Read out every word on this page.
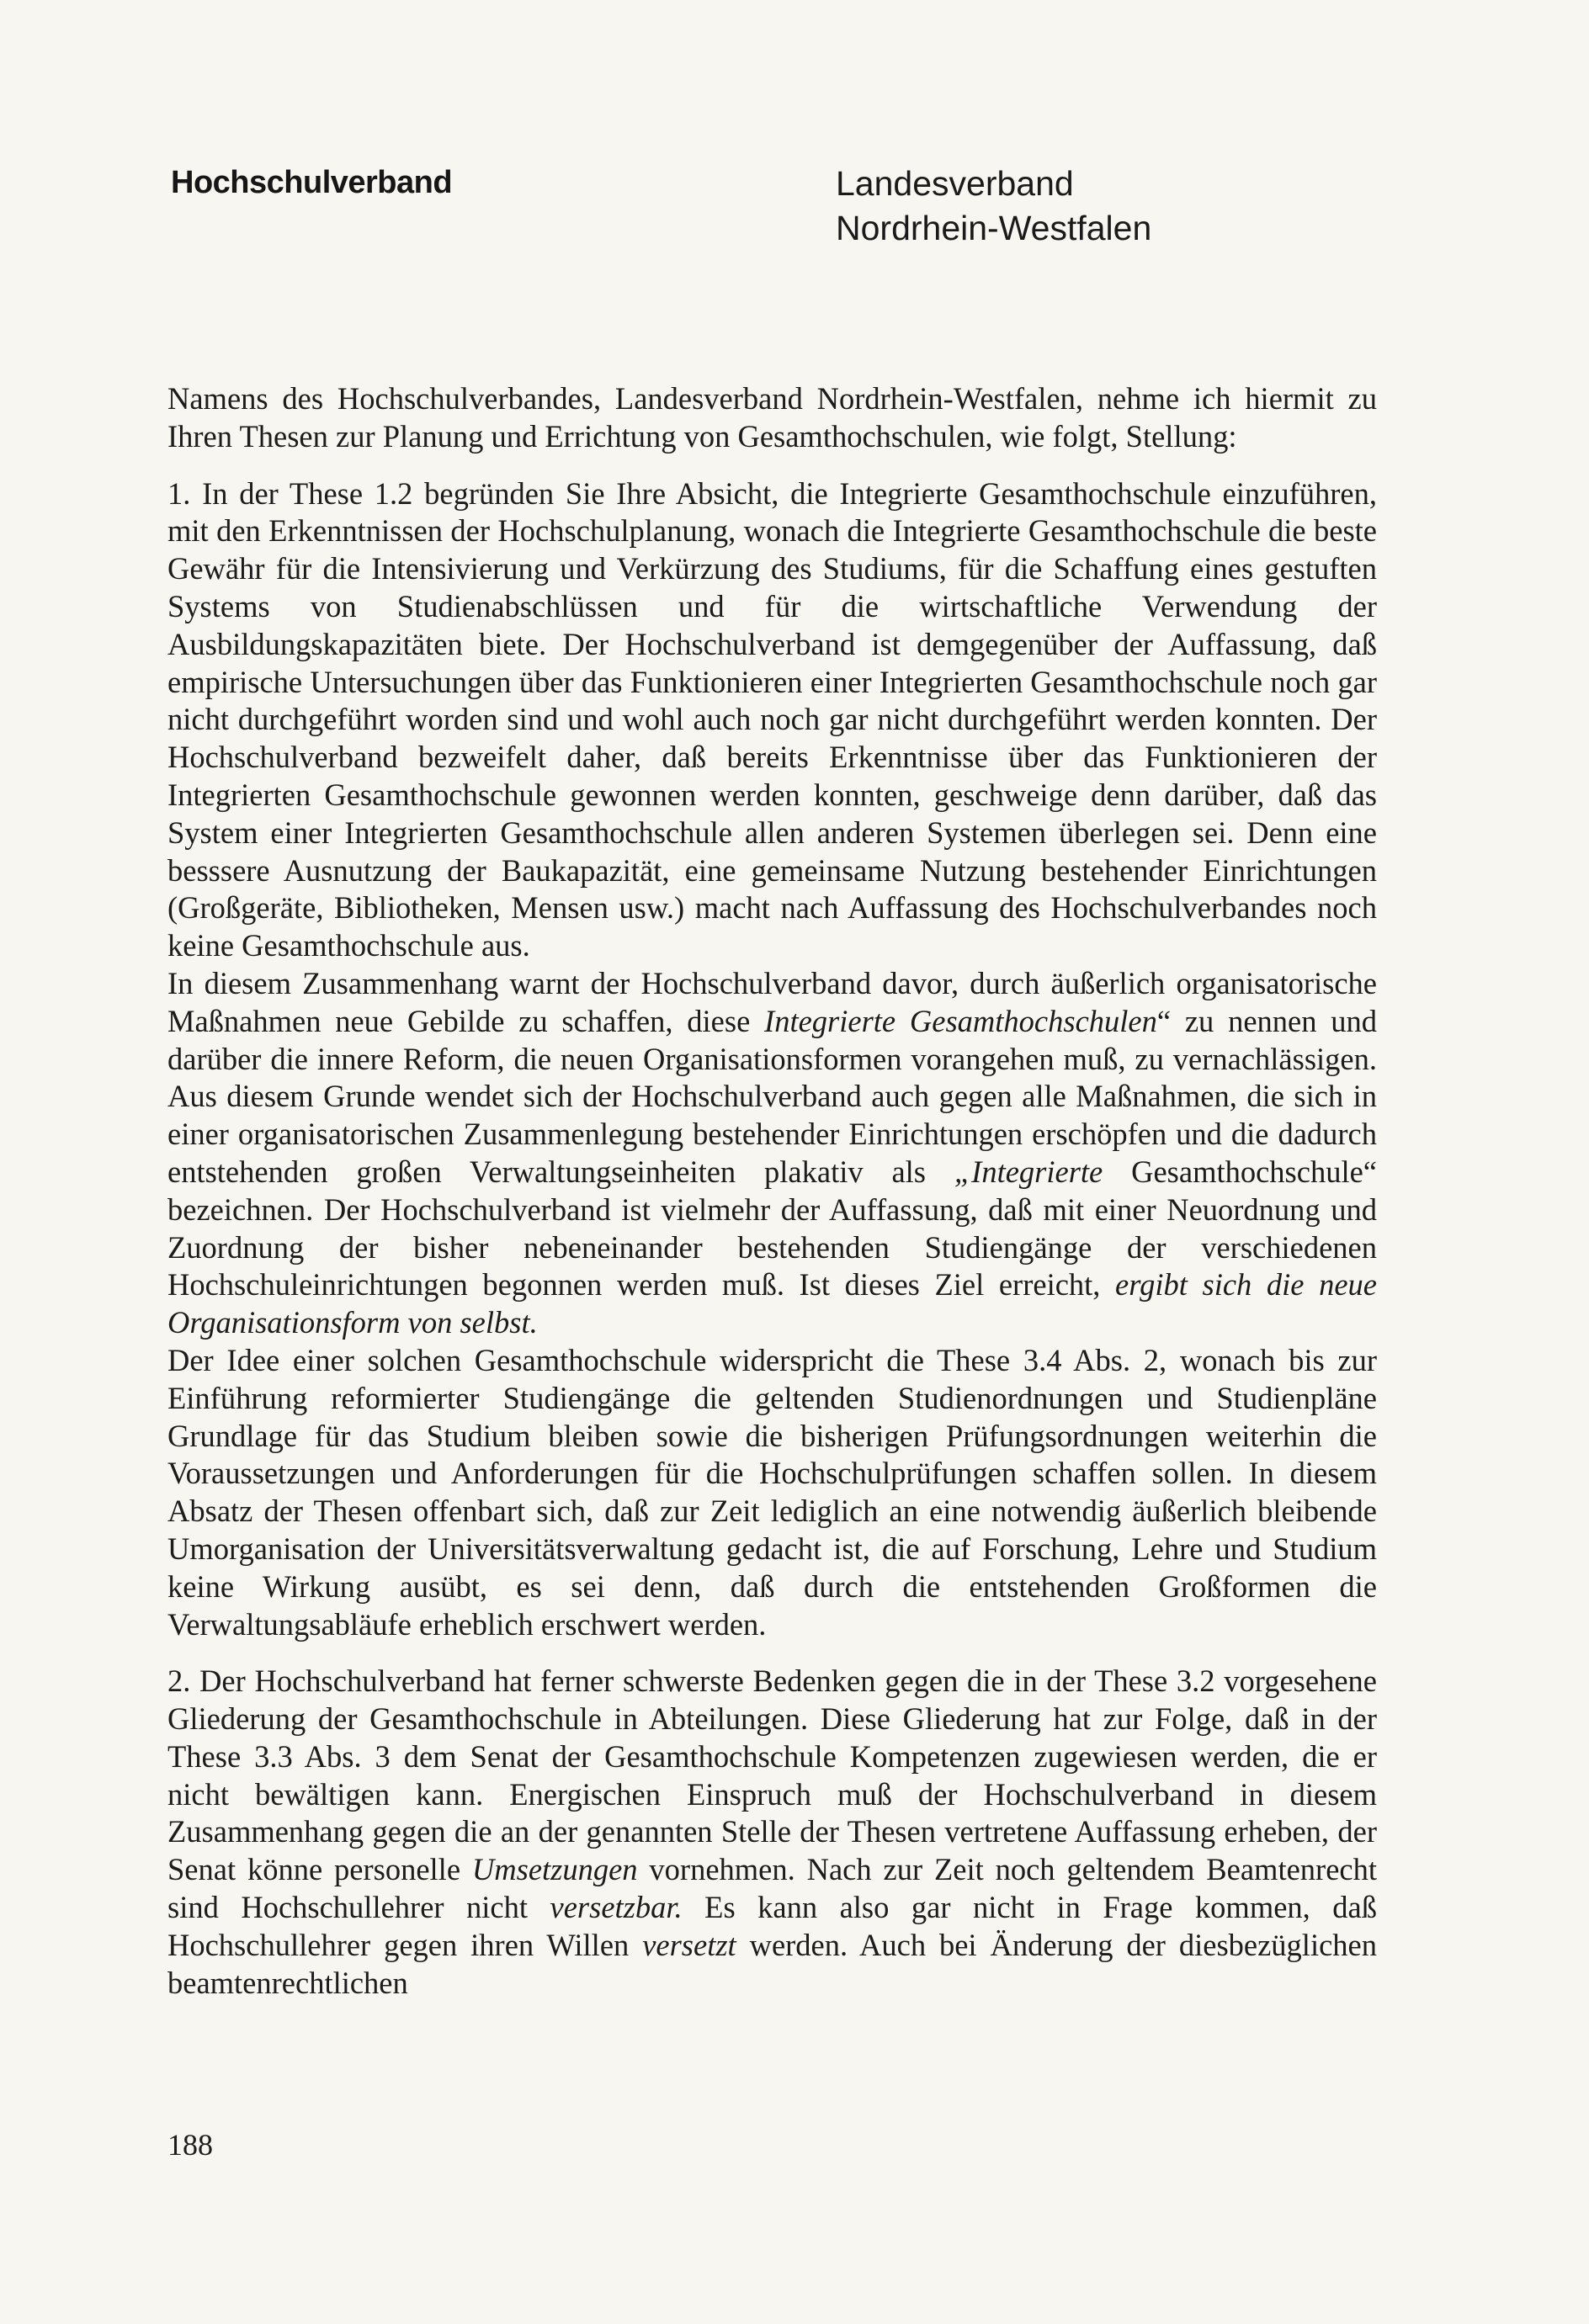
Hochschulverband	Landesverband
Nordrhein-Westfalen

Namens des Hochschulverbandes, Landesverband Nordrhein-Westfalen, nehme ich hiermit zu Ihren Thesen zur Planung und Errichtung von Gesamthochschulen, wie folgt, Stellung:

1. In der These 1.2 begründen Sie Ihre Absicht, die Integrierte Gesamthochschule einzuführen, mit den Erkenntnissen der Hochschulplanung, wonach die Integrierte Gesamthochschule die beste Gewähr für die Intensivierung und Verkürzung des Studiums, für die Schaffung eines gestuften Systems von Studienabschlüssen und für die wirtschaftliche Verwendung der Ausbildungskapazitäten biete. Der Hochschulverband ist demgegenüber der Auffassung, daß empirische Untersuchungen über das Funktionieren einer Integrierten Gesamthochschule noch gar nicht durchgeführt worden sind und wohl auch noch gar nicht durchgeführt werden konnten. Der Hochschulverband bezweifelt daher, daß bereits Erkenntnisse über das Funktionieren der Integrierten Gesamthochschule gewonnen werden konnten, geschweige denn darüber, daß das System einer Integrierten Gesamthochschule allen anderen Systemen überlegen sei. Denn eine besssere Ausnutzung der Baukapazität, eine gemeinsame Nutzung bestehender Einrichtungen (Großgeräte, Bibliotheken, Mensen usw.) macht nach Auffassung des Hochschulverbandes noch keine Gesamthochschule aus.

In diesem Zusammenhang warnt der Hochschulverband davor, durch äußerlich organisatorische Maßnahmen neue Gebilde zu schaffen, diese Integrierte Gesamthochschulen“ zu nennen und darüber die innere Reform, die neuen Organisationsformen vorangehen muß, zu vernachlässigen. Aus diesem Grunde wendet sich der Hochschulverband auch gegen alle Maßnahmen, die sich in einer organisatorischen Zusammenlegung bestehender Einrichtungen erschöpfen und die dadurch entstehenden großen Verwaltungseinheiten plakativ als „Integrierte Gesamthochschule“ bezeichnen. Der Hochschulverband ist vielmehr der Auffassung, daß mit einer Neuordnung und Zuordnung der bisher nebeneinander bestehenden Studiengänge der verschiedenen Hochschuleinrichtungen begonnen werden muß. Ist dieses Ziel erreicht, ergibt sich die neue Organisationsform von selbst.

Der Idee einer solchen Gesamthochschule widerspricht die These 3.4 Abs. 2, wonach bis zur Einführung reformierter Studiengänge die geltenden Studienordnungen und Studienpläne Grundlage für das Studium bleiben sowie die bisherigen Prüfungsordnungen weiterhin die Voraussetzungen und Anforderungen für die Hochschulprüfungen schaffen sollen. In diesem Absatz der Thesen offenbart sich, daß zur Zeit lediglich an eine notwendig äußerlich bleibende Umorganisation der Universitätsverwaltung gedacht ist, die auf Forschung, Lehre und Studium keine Wirkung ausübt, es sei denn, daß durch die entstehenden Großformen die Verwaltungsabläufe erheblich erschwert werden.

2. Der Hochschulverband hat ferner schwerste Bedenken gegen die in der These 3.2 vorgesehene Gliederung der Gesamthochschule in Abteilungen. Diese Gliederung hat zur Folge, daß in der These 3.3 Abs. 3 dem Senat der Gesamthochschule Kompetenzen zugewiesen werden, die er nicht bewältigen kann. Energischen Einspruch muß der Hochschulverband in diesem Zusammenhang gegen die an der genannten Stelle der Thesen vertretene Auffassung erheben, der Senat könne personelle Umsetzungen vornehmen. Nach zur Zeit noch geltendem Beamtenrecht sind Hochschullehrer nicht versetzbar. Es kann also gar nicht in Frage kommen, daß Hochschullehrer gegen ihren Willen versetzt werden. Auch bei Änderung der diesbezüglichen beamtenrechtlichen

188
